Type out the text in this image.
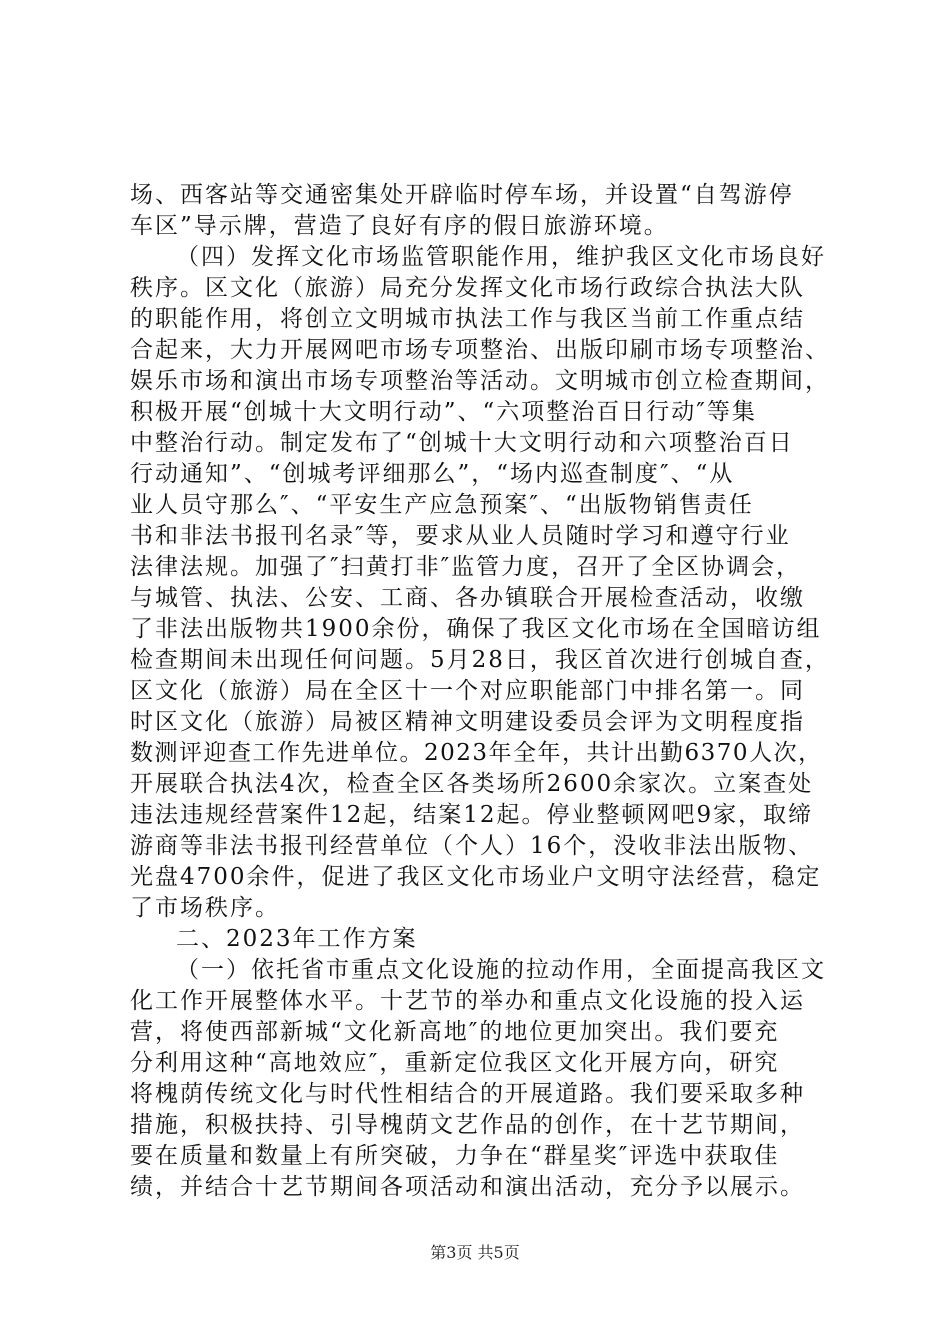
场、西客站等交通密集处开辟临时停车场，并设置“自驾游停
车区”导示牌，营造了良好有序的假日旅游环境。
（四）发挥文化市场监管职能作用，维护我区文化市场良好
秩序。区文化（旅游）局充分发挥文化市场行政综合执法大队
的职能作用，将创立文明城市执法工作与我区当前工作重点结
合起来，大力开展网吧市场专项整治、出版印刷市场专项整治、
娱乐市场和演出市场专项整治等活动。文明城市创立检查期间，
积极开展“创城十大文明行动”、“六项整治百日行动″等集
中整治行动。制定发布了“创城十大文明行动和六项整治百日
行动通知”、“创城考评细那么”，“场内巡查制度″、“从
业人员守那么″、“平安生产应急预案″、“出版物销售责任
书和非法书报刊名录″等，要求从业人员随时学习和遵守行业
法律法规。加强了″扫黄打非″监管力度，召开了全区协调会，
与城管、执法、公安、工商、各办镇联合开展检查活动，收缴
了非法出版物共1900余份，确保了我区文化市场在全国暗访组
检查期间未出现任何问题。5月28日，我区首次进行创城自查，
区文化（旅游）局在全区十一个对应职能部门中排名第一。同
时区文化（旅游）局被区精神文明建设委员会评为文明程度指
数测评迎查工作先进单位。2023年全年，共计出勤6370人次，
开展联合执法4次，检查全区各类场所2600余家次。立案查处
违法违规经营案件12起，结案12起。停业整顿网吧9家，取缔
游商等非法书报刊经营单位（个人）16个，没收非法出版物、
光盘4700余件，促进了我区文化市场业户文明守法经营，稳定
了市场秩序。
二、2023年工作方案
（一）依托省市重点文化设施的拉动作用，全面提高我区文
化工作开展整体水平。十艺节的举办和重点文化设施的投入运
营，将使西部新城“文化新高地″的地位更加突出。我们要充
分利用这种“高地效应″，重新定位我区文化开展方向，研究
将槐荫传统文化与时代性相结合的开展道路。我们要采取多种
措施，积极扶持、引导槐荫文艺作品的创作，在十艺节期间，
要在质量和数量上有所突破，力争在“群星奖″评选中获取佳
绩，并结合十艺节期间各项活动和演出活动，充分予以展示。
第3页 共5页
